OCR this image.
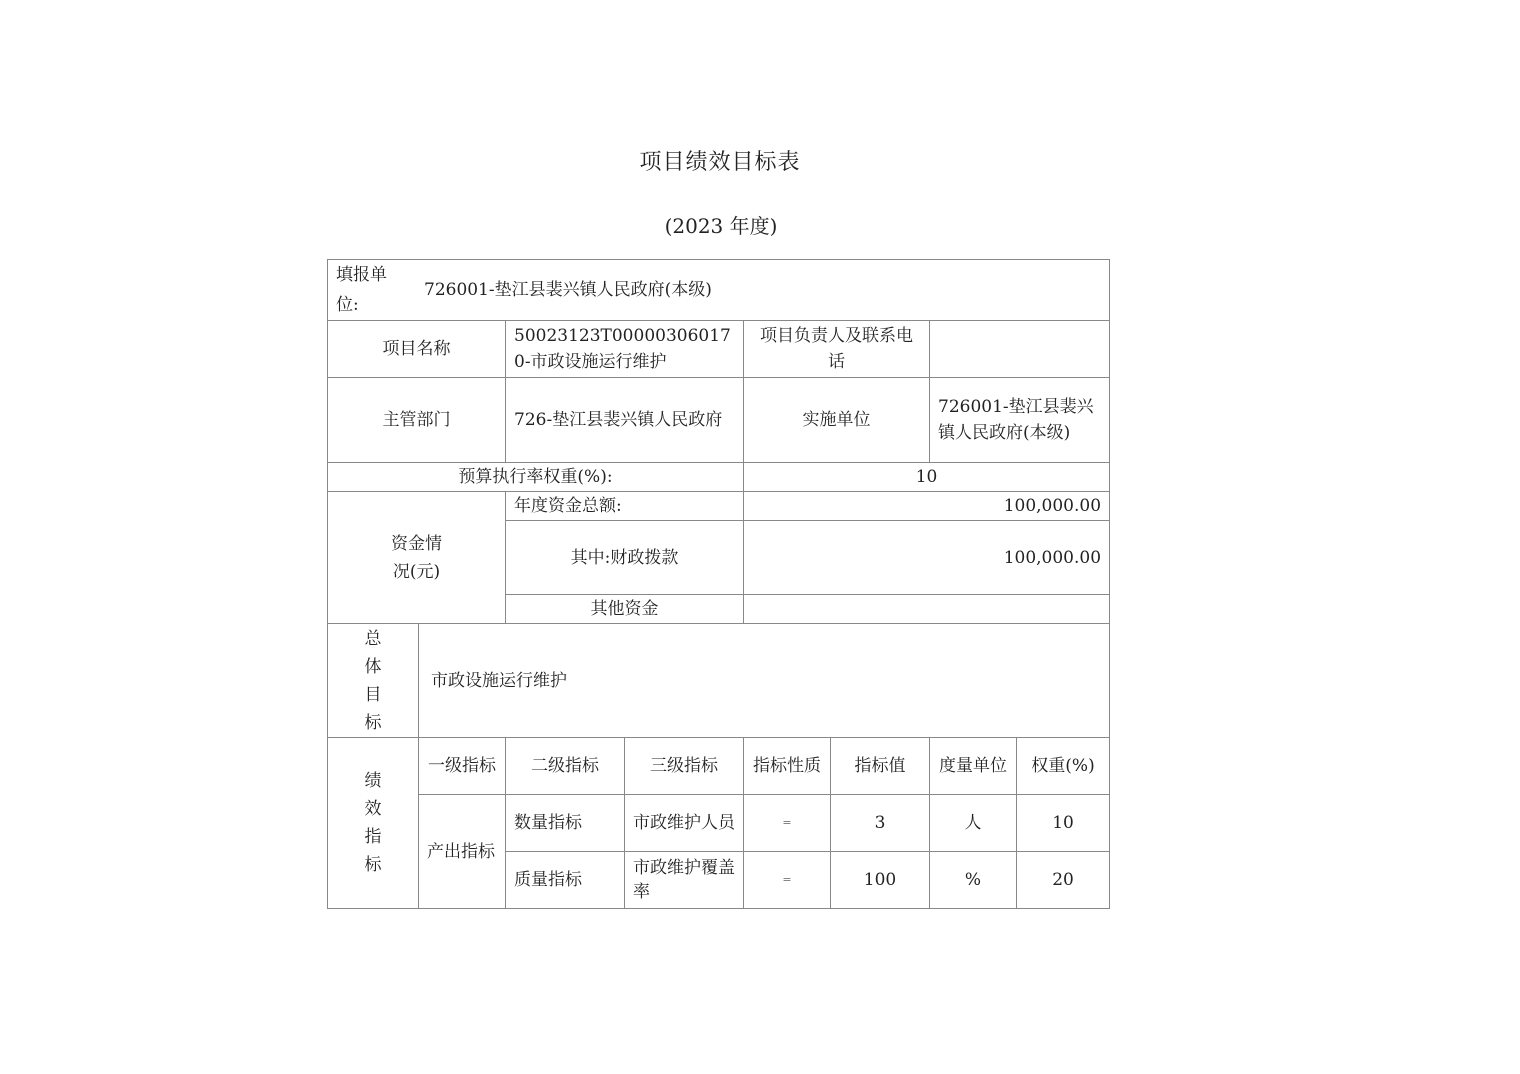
项目绩效目标表
(2023 年度)
填报单位:
726001-垫江县裴兴镇人民政府(本级)							

项目名称		50023123T000003060170-市政设施运行维护		项目负责人及联系电话			
主管部门		726-垫江县裴兴镇人民政府		实施单位		726001-垫江县裴兴镇人民政府(本级)	
预算执行率权重(%):				10			

资金情况(元)		年度资金总额:		100,000.00			
		其中:财政拨款		100,000.00			
		其他资金					

总体目标	市政设施运行维护						

绩效指标	一级指标	二级指标	三级指标	指标性质	指标值	度量单位	权重(%)
	产出指标	数量指标	市政维护人员	=	3	人	10
		质量指标	市政维护覆盖率	=	100	%	20
